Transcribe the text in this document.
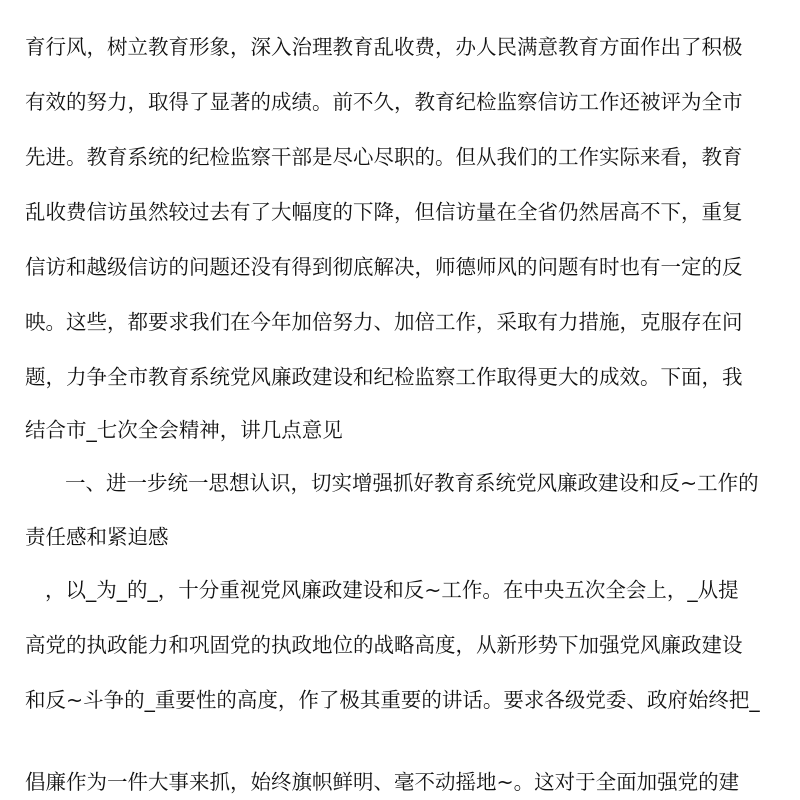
育行风，树立教育形象，深入治理教育乱收费，办人民满意教育方面作出了积极
有效的努力，取得了显著的成绩。前不久，教育纪检监察信访工作还被评为全市
先进。教育系统的纪检监察干部是尽心尽职的。但从我们的工作实际来看，教育
乱收费信访虽然较过去有了大幅度的下降，但信访量在全省仍然居高不下，重复
信访和越级信访的问题还没有得到彻底解决，师德师风的问题有时也有一定的反
映。这些，都要求我们在今年加倍努力、加倍工作，采取有力措施，克服存在问
题，力争全市教育系统党风廉政建设和纪检监察工作取得更大的成效。下面，我
结合市_七次全会精神，讲几点意见
一、进一步统一思想认识，切实增强抓好教育系统党风廉政建设和反~工作的
责任感和紧迫感
，以_为_的_，十分重视党风廉政建设和反~工作。在中央五次全会上，_从提
高党的执政能力和巩固党的执政地位的战略高度，从新形势下加强党风廉政建设
和反~斗争的_重要性的高度，作了极其重要的讲话。要求各级党委、政府始终把_
倡廉作为一件大事来抓，始终旗帜鲜明、毫不动摇地~。这对于全面加强党的建
